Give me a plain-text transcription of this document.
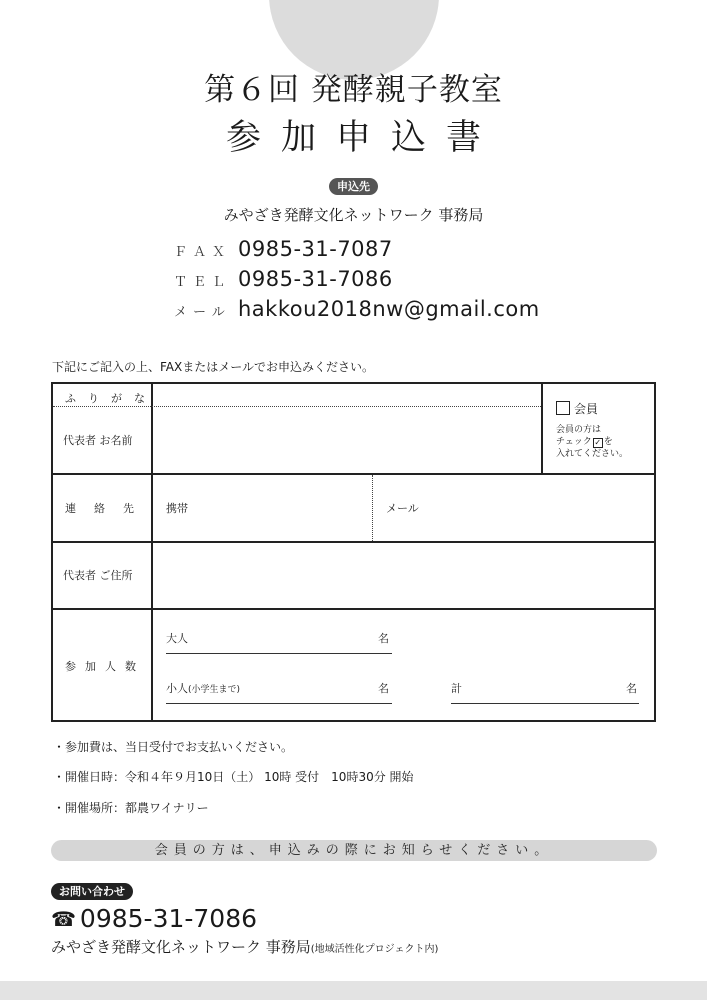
第６回 発酵親子教室
参加申込書
申込先
みやざき発酵文化ネットワーク 事務局
ＦＡＸ 0985-31-7087
ＴＥＬ 0985-31-7086
メール hakkou2018nw@gmail.com
下記にご記入の上、FAXまたはメールでお申込みください。
ふりがな
代表者 お名前
会員
会員の方は
チェック ✓ を
入れてください。
連絡先 携帯	メール
代表者 ご住所
参加人数
大人	名
小人(小学生まで)	名	計	名
・参加費は、当日受付でお支払いください。
・開催日時：令和４年９月10日（土） 10時 受付　10時30分 開始
・開催場所：都農ワイナリー
会員の方は、申込みの際にお知らせください。
お問い合わせ
☎ 0985-31-7086
みやざき発酵文化ネットワーク 事務局(地域活性化プロジェクト内)
